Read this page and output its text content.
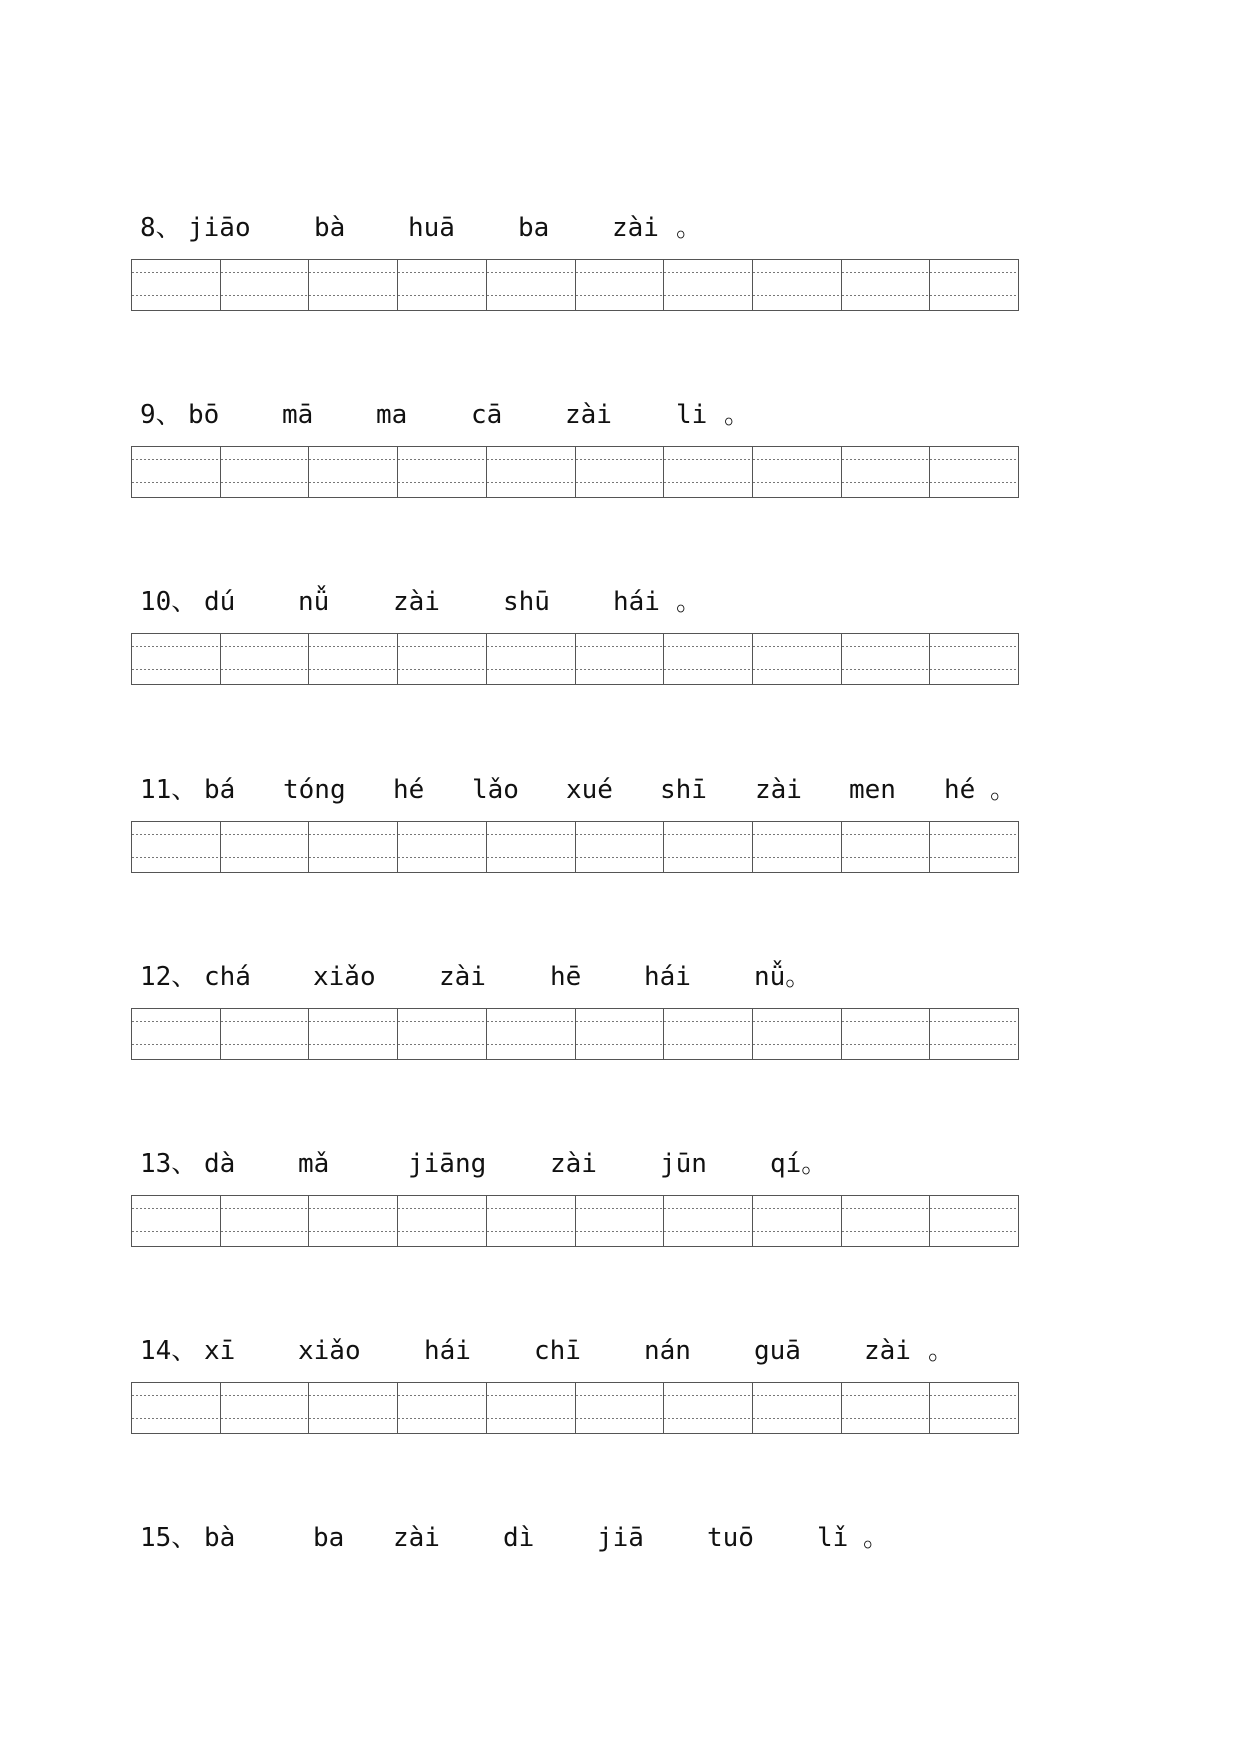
8、 jiāo bà huā ba zài 。
9、 bō mā ma cā zài li 。
10、 dú nǚ zài shū hái 。
11、 bá tóng hé lǎo xué shī zài men hé 。
12、 chá xiǎo zài hē hái nǚ。
13、 dà mǎ	jiāng zài jūn qí。
14、 xī xiǎo hái chī nán guā zài 。
15、 bà	ba zài dì jiā tuō lǐ 。
